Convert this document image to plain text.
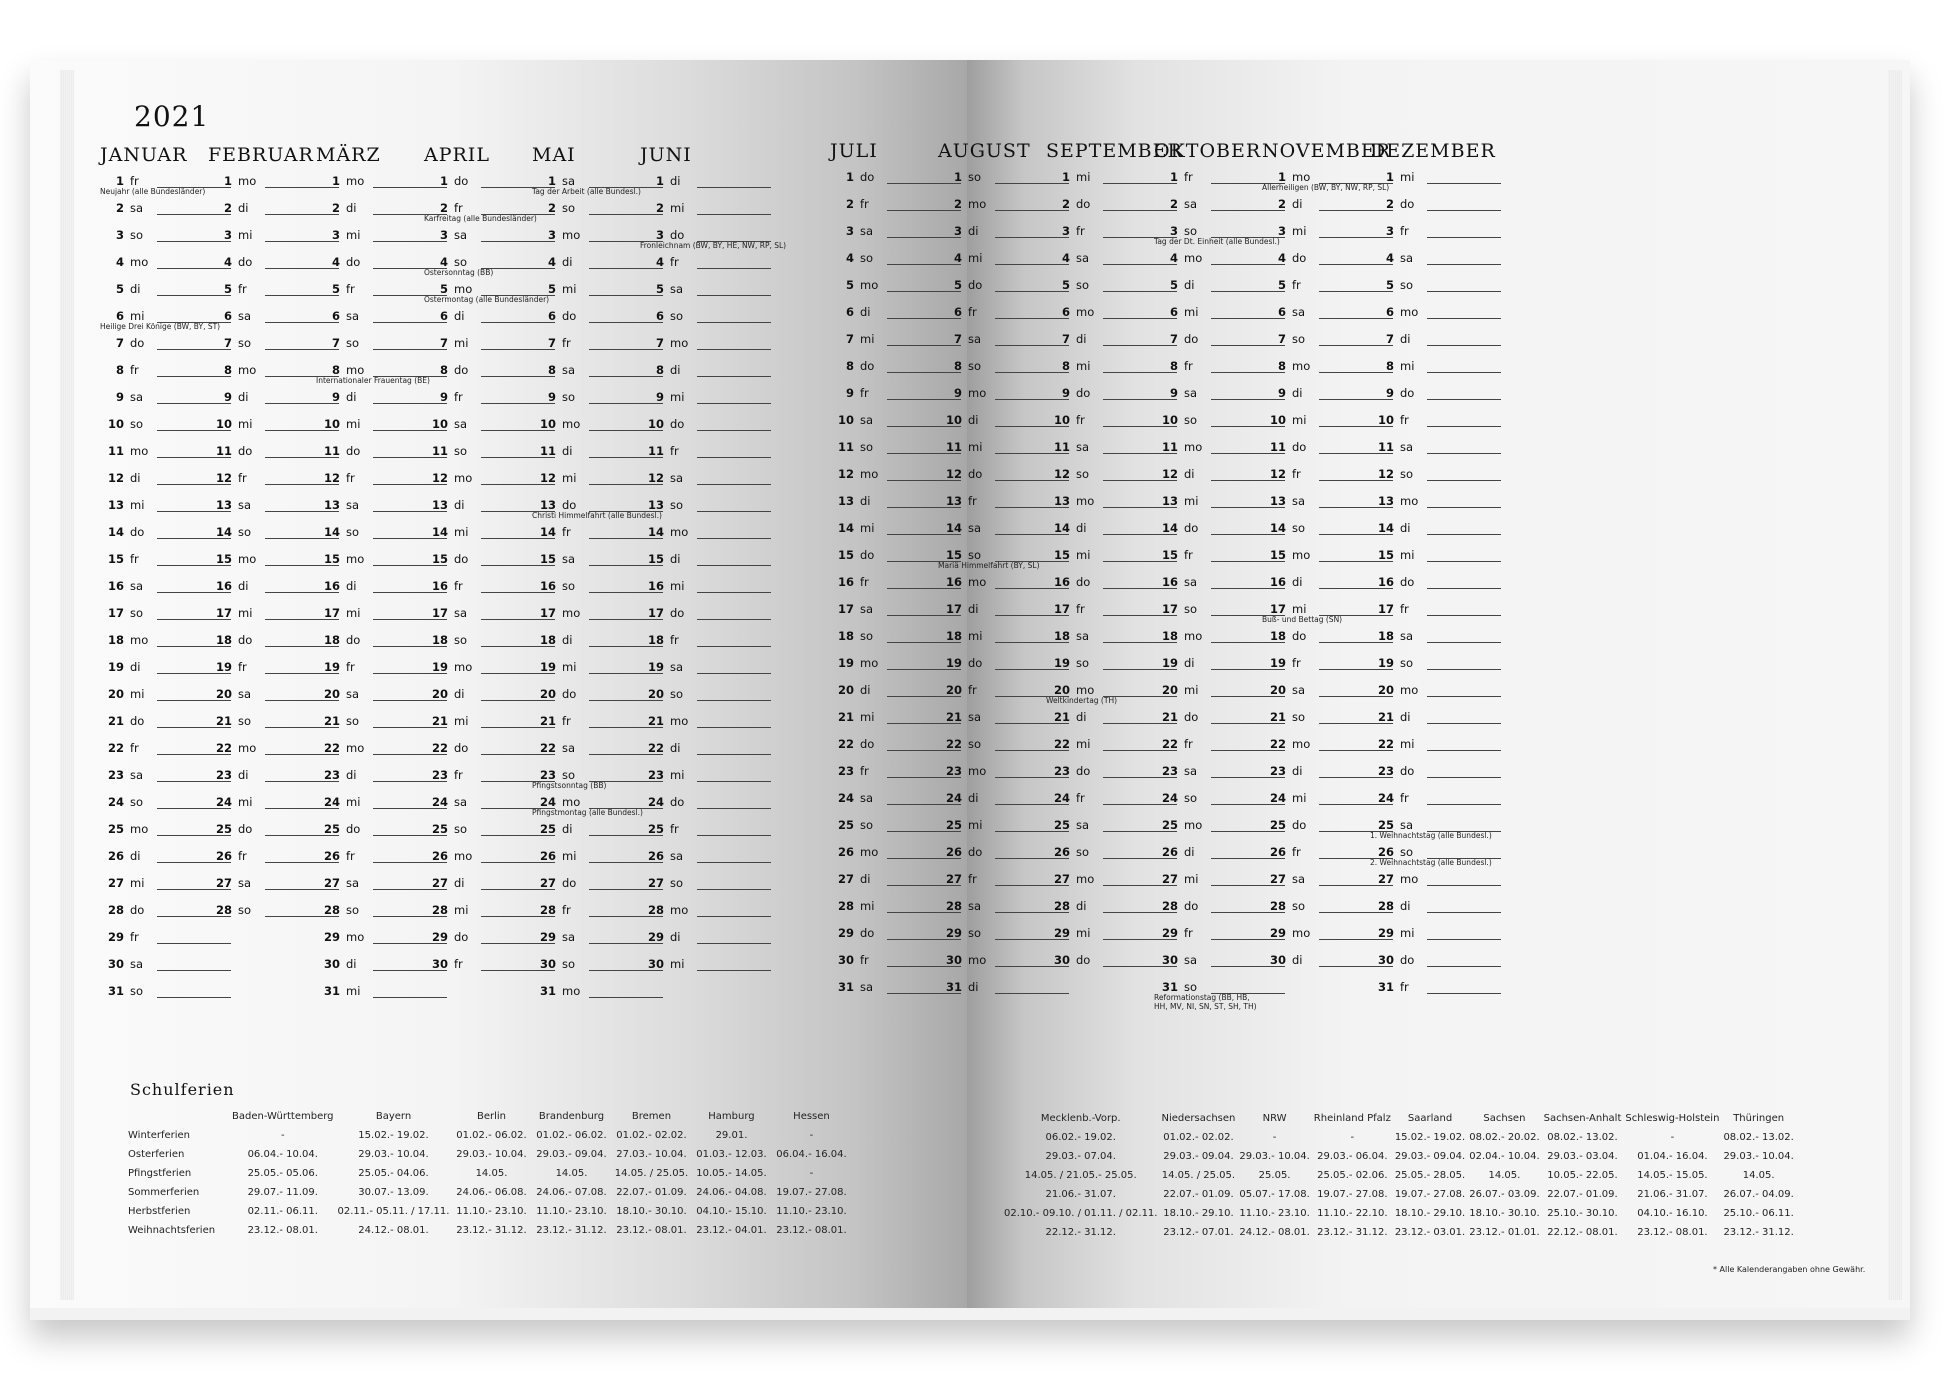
2021
JANUAR
1 fr
Neujahr (alle Bundesländer)
2 sa
3 so
4 mo
5 di
6 mi
Heilige Drei Könige (BW, BY, ST)
7 do
8 fr
9 sa
10 so
11 mo
12 di
13 mi
14 do
15 fr
16 sa
17 so
18 mo
19 di
20 mi
21 do
22 fr
23 sa
24 so
25 mo
26 di
27 mi
28 do
29 fr
30 sa
31 so
FEBRUAR
1 mo
2 di
3 mi
4 do
5 fr
6 sa
7 so
8 mo
9 di
10 mi
11 do
12 fr
13 sa
14 so
15 mo
16 di
17 mi
18 do
19 fr
20 sa
21 so
22 mo
23 di
24 mi
25 do
26 fr
27 sa
28 so
MÄRZ
1 mo
2 di
3 mi
4 do
5 fr
6 sa
7 so
8 mo
Internationaler Frauentag (BE)
9 di
10 mi
11 do
12 fr
13 sa
14 so
15 mo
16 di
17 mi
18 do
19 fr
20 sa
21 so
22 mo
23 di
24 mi
25 do
26 fr
27 sa
28 so
29 mo
30 di
31 mi
APRIL
1 do
2 fr
Karfreitag (alle Bundesländer)
3 sa
4 so
Ostersonntag (BB)
5 mo
Ostermontag (alle Bundesländer)
6 di
7 mi
8 do
9 fr
10 sa
11 so
12 mo
13 di
14 mi
15 do
16 fr
17 sa
18 so
19 mo
20 di
21 mi
22 do
23 fr
24 sa
25 so
26 mo
27 di
28 mi
29 do
30 fr
MAI
1 sa
Tag der Arbeit (alle Bundesl.)
2 so
3 mo
4 di
5 mi
6 do
7 fr
8 sa
9 so
10 mo
11 di
12 mi
13 do
Christi Himmelfahrt (alle Bundesl.)
14 fr
15 sa
16 so
17 mo
18 di
19 mi
20 do
21 fr
22 sa
23 so
Pfingstsonntag (BB)
24 mo
Pfingstmontag (alle Bundesl.)
25 di
26 mi
27 do
28 fr
29 sa
30 so
31 mo
JUNI
1 di
2 mi
3 do
Fronleichnam (BW, BY, HE, NW, RP, SL)
4 fr
5 sa
6 so
7 mo
8 di
9 mi
10 do
11 fr
12 sa
13 so
14 mo
15 di
16 mi
17 do
18 fr
19 sa
20 so
21 mo
22 di
23 mi
24 do
25 fr
26 sa
27 so
28 mo
29 di
30 mi
Schulferien
	Baden-Württemberg	Bayern	Berlin	Brandenburg	Bremen	Hamburg	Hessen
Winterferien	-	15.02.- 19.02.	01.02.- 06.02.	01.02.- 06.02.	01.02.- 02.02.	29.01.	-
Osterferien	06.04.- 10.04.	29.03.- 10.04.	29.03.- 10.04.	29.03.- 09.04.	27.03.- 10.04.	01.03.- 12.03.	06.04.- 16.04.
Pfingstferien	25.05.- 05.06.	25.05.- 04.06.	14.05.	14.05.	14.05. / 25.05.	10.05.- 14.05.	-
Sommerferien	29.07.- 11.09.	30.07.- 13.09.	24.06.- 06.08.	24.06.- 07.08.	22.07.- 01.09.	24.06.- 04.08.	19.07.- 27.08.
Herbstferien	02.11.- 06.11.	02.11.- 05.11. / 17.11.	11.10.- 23.10.	11.10.- 23.10.	18.10.- 30.10.	04.10.- 15.10.	11.10.- 23.10.
Weihnachtsferien	23.12.- 08.01.	24.12.- 08.01.	23.12.- 31.12.	23.12.- 31.12.	23.12.- 08.01.	23.12.- 04.01.	23.12.- 08.01.
JULI
1 do
2 fr
3 sa
4 so
5 mo
6 di
7 mi
8 do
9 fr
10 sa
11 so
12 mo
13 di
14 mi
15 do
16 fr
17 sa
18 so
19 mo
20 di
21 mi
22 do
23 fr
24 sa
25 so
26 mo
27 di
28 mi
29 do
30 fr
31 sa
AUGUST
1 so
2 mo
3 di
4 mi
5 do
6 fr
7 sa
8 so
9 mo
10 di
11 mi
12 do
13 fr
14 sa
15 so
Mariä Himmelfahrt (BY, SL)
16 mo
17 di
18 mi
19 do
20 fr
21 sa
22 so
23 mo
24 di
25 mi
26 do
27 fr
28 sa
29 so
30 mo
31 di
SEPTEMBER
1 mi
2 do
3 fr
4 sa
5 so
6 mo
7 di
8 mi
9 do
10 fr
11 sa
12 so
13 mo
14 di
15 mi
16 do
17 fr
18 sa
19 so
20 mo
Weltkindertag (TH)
21 di
22 mi
23 do
24 fr
25 sa
26 so
27 mo
28 di
29 mi
30 do
OKTOBER
1 fr
2 sa
3 so
Tag der Dt. Einheit (alle Bundesl.)
4 mo
5 di
6 mi
7 do
8 fr
9 sa
10 so
11 mo
12 di
13 mi
14 do
15 fr
16 sa
17 so
18 mo
19 di
20 mi
21 do
22 fr
23 sa
24 so
25 mo
26 di
27 mi
28 do
29 fr
30 sa
31 so
Reformationstag (BB, HB, HH, MV, NI, SN, ST, SH, TH)
NOVEMBER
1 mo
Allerheiligen (BW, BY, NW, RP, SL)
2 di
3 mi
4 do
5 fr
6 sa
7 so
8 mo
9 di
10 mi
11 do
12 fr
13 sa
14 so
15 mo
16 di
17 mi
Buß- und Bettag (SN)
18 do
19 fr
20 sa
21 so
22 mo
23 di
24 mi
25 do
26 fr
27 sa
28 so
29 mo
30 di
DEZEMBER
1 mi
2 do
3 fr
4 sa
5 so
6 mo
7 di
8 mi
9 do
10 fr
11 sa
12 so
13 mo
14 di
15 mi
16 do
17 fr
18 sa
19 so
20 mo
21 di
22 mi
23 do
24 fr
25 sa
1. Weihnachtstag (alle Bundesl.)
26 so
2. Weihnachtstag (alle Bundesl.)
27 mo
28 di
29 mi
30 do
31 fr
Mecklenb.-Vorp.	Niedersachsen	NRW	Rheinland Pfalz	Saarland	Sachsen	Sachsen-Anhalt	Schleswig-Holstein	Thüringen
06.02.- 19.02.	01.02.- 02.02.	-	-	15.02.- 19.02.	08.02.- 20.02.	08.02.- 13.02.	-	08.02.- 13.02.
29.03.- 07.04.	29.03.- 09.04.	29.03.- 10.04.	29.03.- 06.04.	29.03.- 09.04.	02.04.- 10.04.	29.03.- 03.04.	01.04.- 16.04.	29.03.- 10.04.
14.05. / 21.05.- 25.05.	14.05. / 25.05.	25.05.	25.05.- 02.06.	25.05.- 28.05.	14.05.	10.05.- 22.05.	14.05.- 15.05.	14.05.
21.06.- 31.07.	22.07.- 01.09.	05.07.- 17.08.	19.07.- 27.08.	19.07.- 27.08.	26.07.- 03.09.	22.07.- 01.09.	21.06.- 31.07.	26.07.- 04.09.
02.10.- 09.10. / 01.11. / 02.11.	18.10.- 29.10.	11.10.- 23.10.	11.10.- 22.10.	18.10.- 29.10.	18.10.- 30.10.	25.10.- 30.10.	04.10.- 16.10.	25.10.- 06.11.
22.12.- 31.12.	23.12.- 07.01.	24.12.- 08.01.	23.12.- 31.12.	23.12.- 03.01.	23.12.- 01.01.	22.12.- 08.01.	23.12.- 08.01.	23.12.- 31.12.
* Alle Kalenderangaben ohne Gewähr.
